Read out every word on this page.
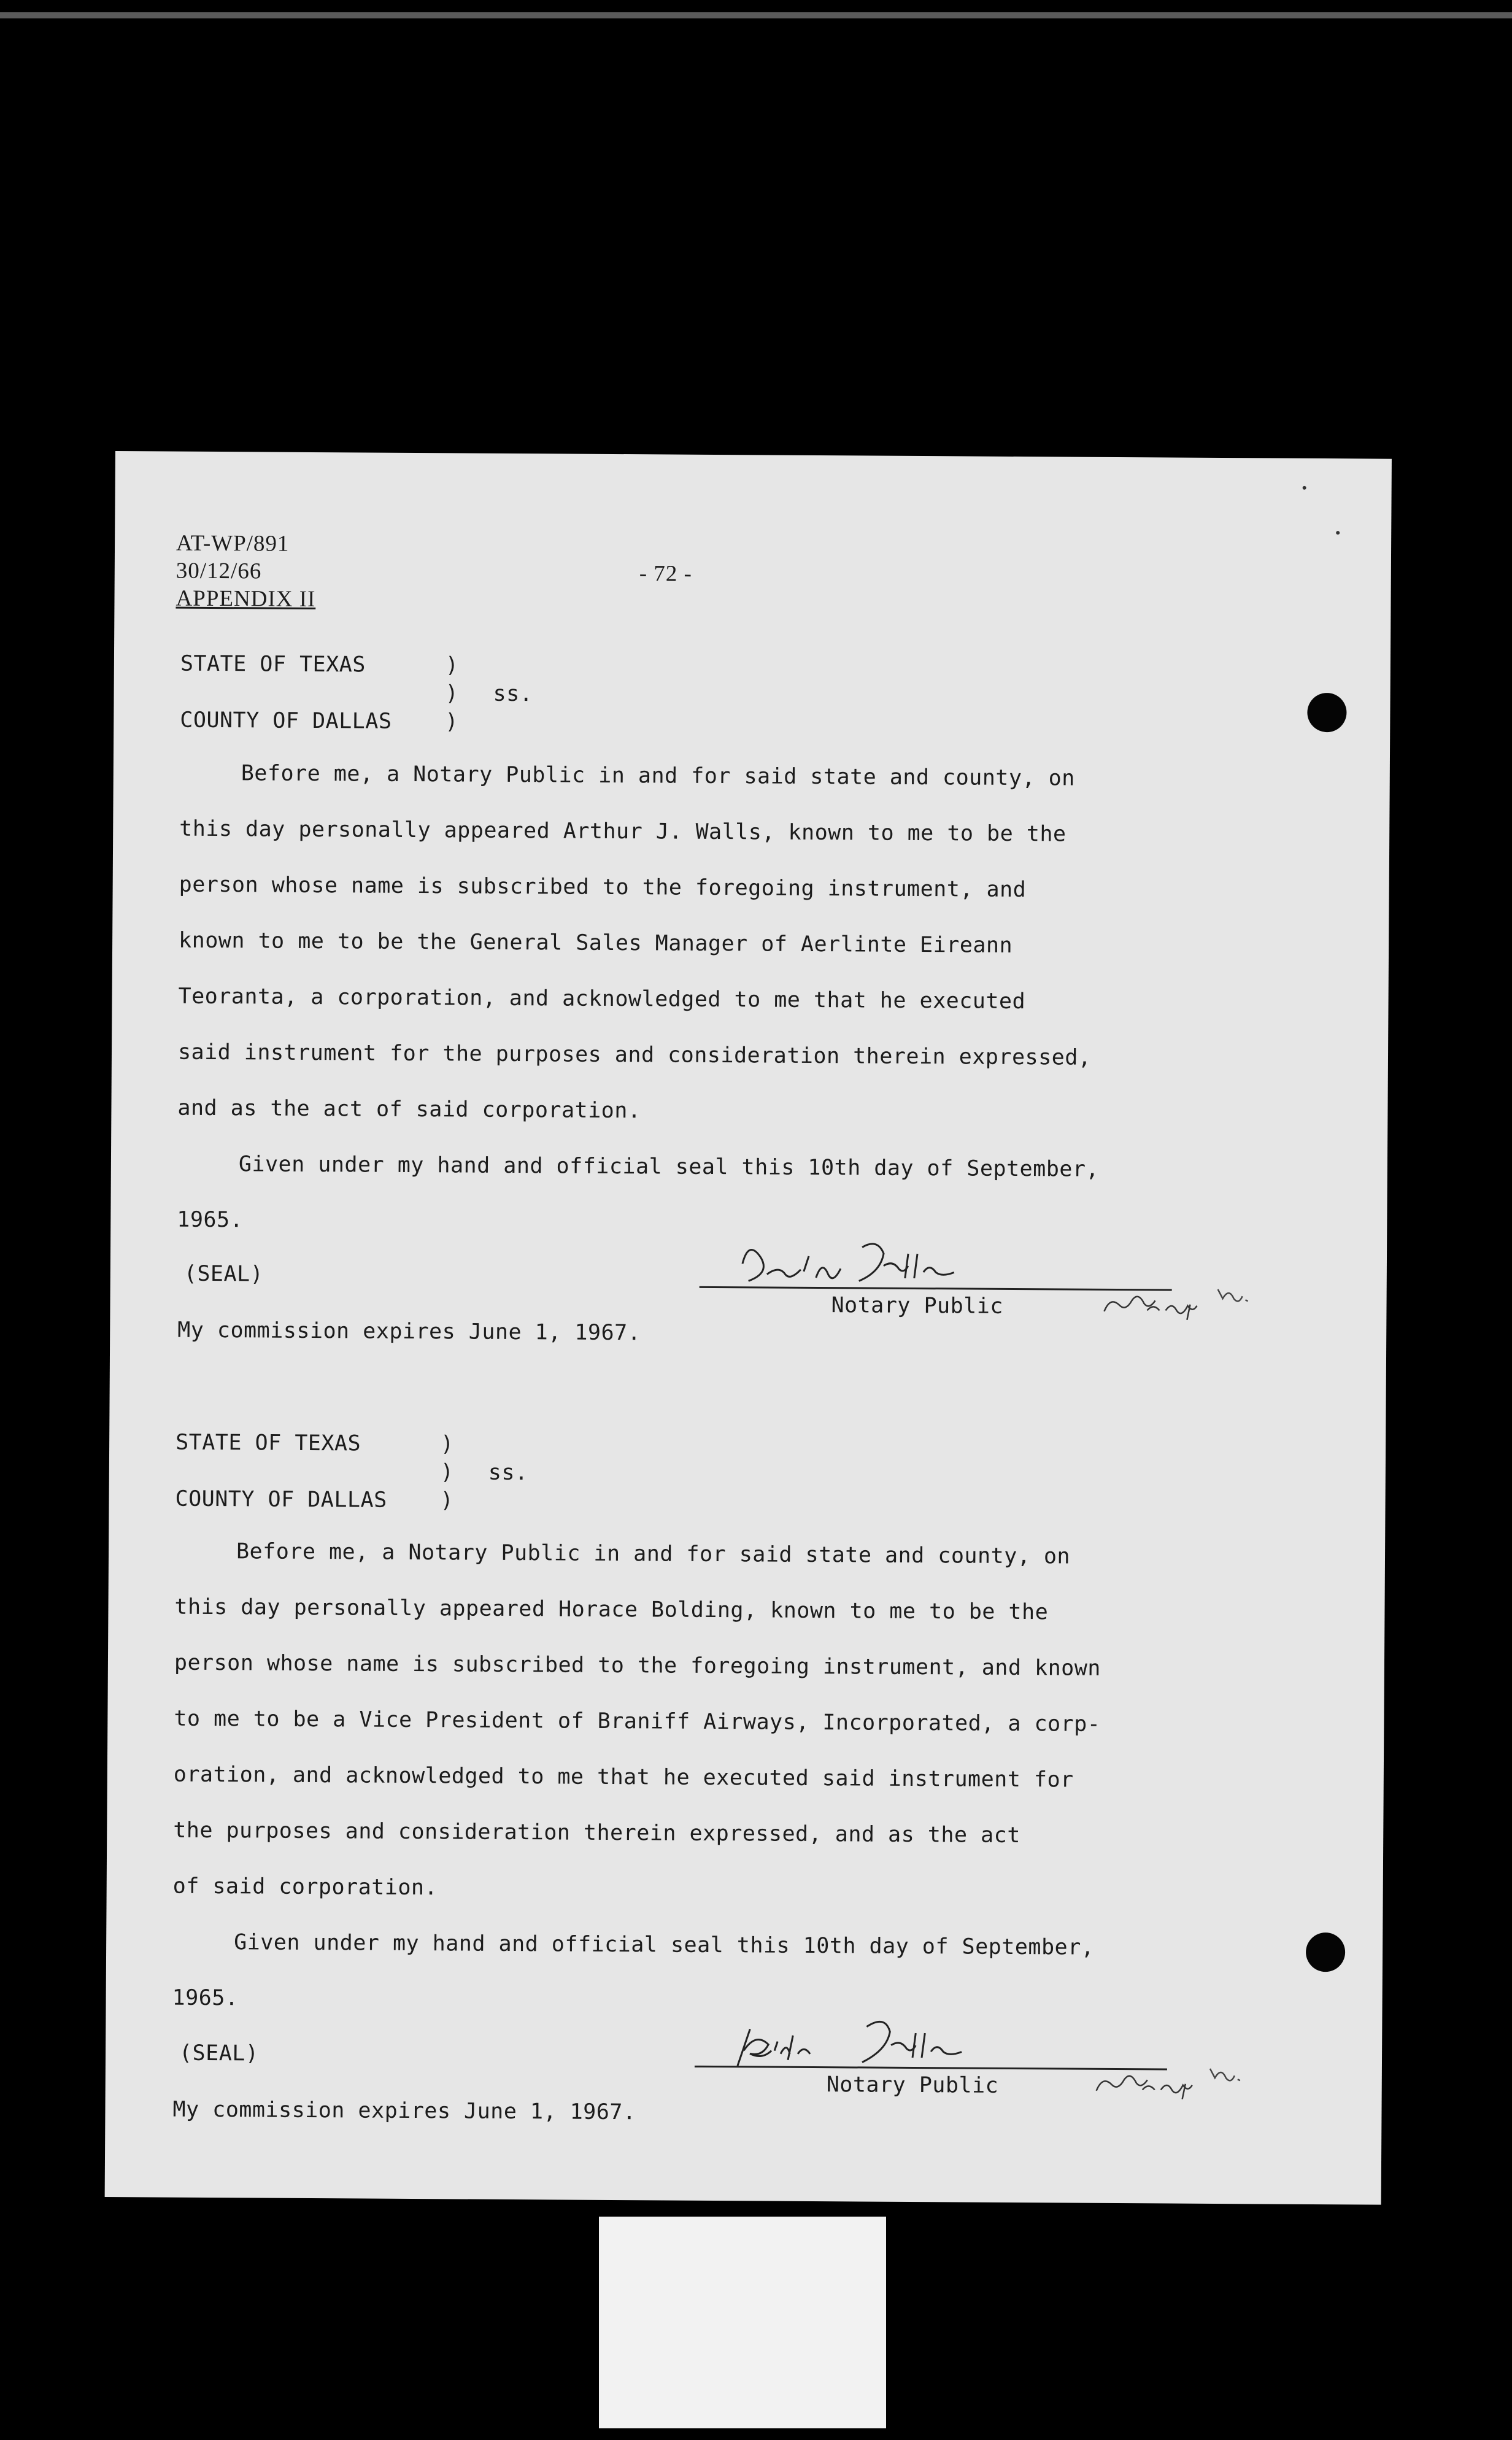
AT-WP/891
30/12/66
APPENDIX II
- 72 -
STATE OF TEXAS	)
) ss.
COUNTY OF DALLAS )
Before me, a Notary Public in and for said state and county, on
this day personally appeared Arthur J. Walls, known to me to be the
person whose name is subscribed to the foregoing instrument, and
known to me to be the General Sales Manager of Aerlinte Eireann
Teoranta, a corporation, and acknowledged to me that he executed
said instrument for the purposes and consideration therein expressed,
and as the act of said corporation.
Given under my hand and official seal this 10th day of September,
1965.
(SEAL)
Notary Public
My commission expires June 1, 1967.
STATE OF TEXAS	)
) ss.
COUNTY OF DALLAS )
Before me, a Notary Public in and for said state and county, on
this day personally appeared Horace Bolding, known to me to be the
person whose name is subscribed to the foregoing instrument, and known
to me to be a Vice President of Braniff Airways, Incorporated, a corp-
oration, and acknowledged to me that he executed said instrument for
the purposes and consideration therein expressed, and as the act
of said corporation.
Given under my hand and official seal this 10th day of September,
1965.
(SEAL)
Notary Public
My commission expires June 1, 1967.
